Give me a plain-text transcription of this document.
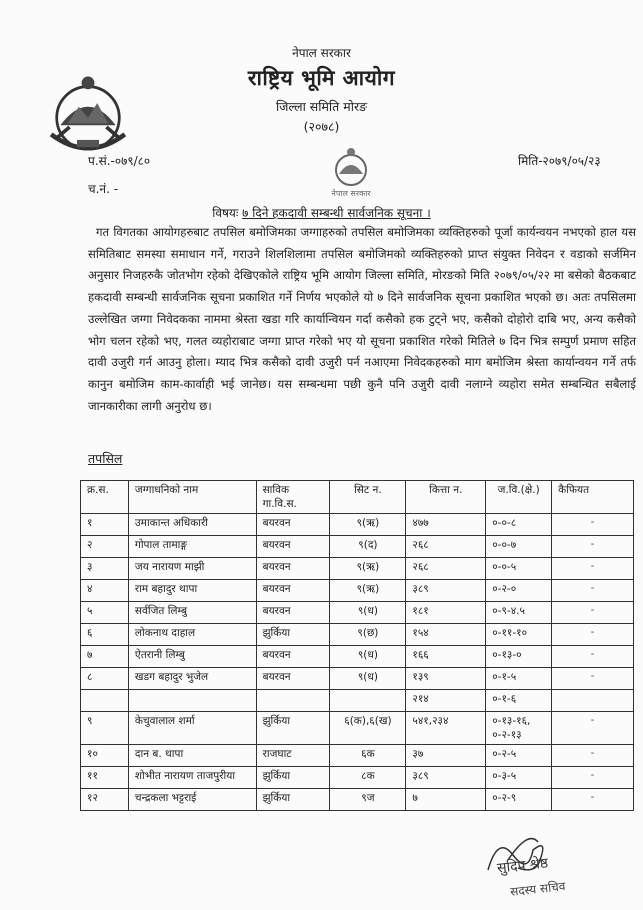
नेपाल सरकार
राष्ट्रिय भूमि आयोग
जिल्ला समिति मोरङ
(२०७८)
प.सं.-०७९/८०
च.नं. -
मिति-२०७९/०५/२३
नेपाल सरकार
विषयः ७ दिने हकदावी सम्बन्धी सार्वजनिक सूचना ।
गत विगतका आयोगहरुबाट तपसिल बमोजिमका जग्गाहरुको तपसिल बमोजिमका व्यक्तिहरुको पूर्जा कार्यन्वयन नभएको हाल यस समितिबाट समस्या समाधान गर्ने, गराउने शिलशिलामा तपसिल बमोजिमको व्यक्तिहरुको प्राप्त संयुक्त निवेदन र वडाको सर्जमिन अनुसार निजहरुकै जोतभोग रहेको देखिएकोले राष्ट्रिय भूमि आयोग जिल्ला समिति, मोरङको मिति २०७९/०५/२२ मा बसेको बैठकबाट हकदावी सम्बन्धी सार्वजनिक सूचना प्रकाशित गर्ने निर्णय भएकोले यो ७ दिने सार्वजनिक सूचना प्रकाशित भएको छ। अतः तपसिलमा उल्लेखित जग्गा निवेदकका नाममा श्रेस्ता खडा गरि कार्यान्वियन गर्दा कसैको हक टुट्ने भए, कसैको दोहोरो दाबि भए, अन्य कसैको भोग चलन रहेको भए, गलत व्यहोराबाट जग्गा प्राप्त गरेको भए यो सूचना प्रकाशित गरेको मितिले ७ दिन भित्र सम्पुर्ण प्रमाण सहित दावी उजुरी गर्न आउनु होला। म्याद भित्र कसैको दावी उजुरी पर्न नआएमा निवेदकहरुको माग बमोजिम श्रेस्ता कार्यान्वयन गर्ने तर्फ कानुन बमोजिम काम-कार्वाही भई जानेछ। यस सम्बन्धमा पछी कुनै पनि उजुरी दावी नलाग्ने व्यहोरा समेत सम्बन्धित सबैलाई जानकारीका लागी अनुरोध छ।
तपसिल
क्र.स.	जग्गाधनिको नाम	साविक गा.वि.स.	सिट न.	कित्ता न.	ज.वि.(क्षे.)	कैफियत
१	उमाकान्त अधिकारी	बयरवन	९(ऋ)	४७७	०-०-८	-
२	गोपाल तामाङ्ग	बयरवन	९(द)	२६८	०-०-७	-
३	जय नारायण माझी	बयरवन	९(ऋ)	२६८	०-०-५	-
४	राम बहादुर थापा	बयरवन	९(ऋ)	३८९	०-२-०	-
५	सर्वजित लिम्बु	बयरवन	९(ध)	१८१	०-९-४.५	-
६	लोकनाथ दाहाल	झुर्किया	९(छ)	१५४	०-११-१०	-
७	ऐतरानी लिम्बु	बयरवन	९(ध)	१६६	०-१३-०	-
८	खडग बहादुर भुजेल	बयरवन	९(ध)	१३९	०-१-५	-
				२१४	०-१-६	
९	केचुवालाल शर्मा	झुर्किया	६(क),६(ख)	५४१,२३४	०-१३-१६, ०-२-१३	-
१०	दान ब. थापा	राजघाट	६क	३७	०-२-५	-
११	शोभीत नारायण ताजपुरीया	झुर्किया	८क	३८९	०-३-५	-
१२	चन्द्रकला भट्टराई	झुर्किया	९ज	७	०-२-९	-
सुदिप श्रेष्ठ
सदस्य सचिव
